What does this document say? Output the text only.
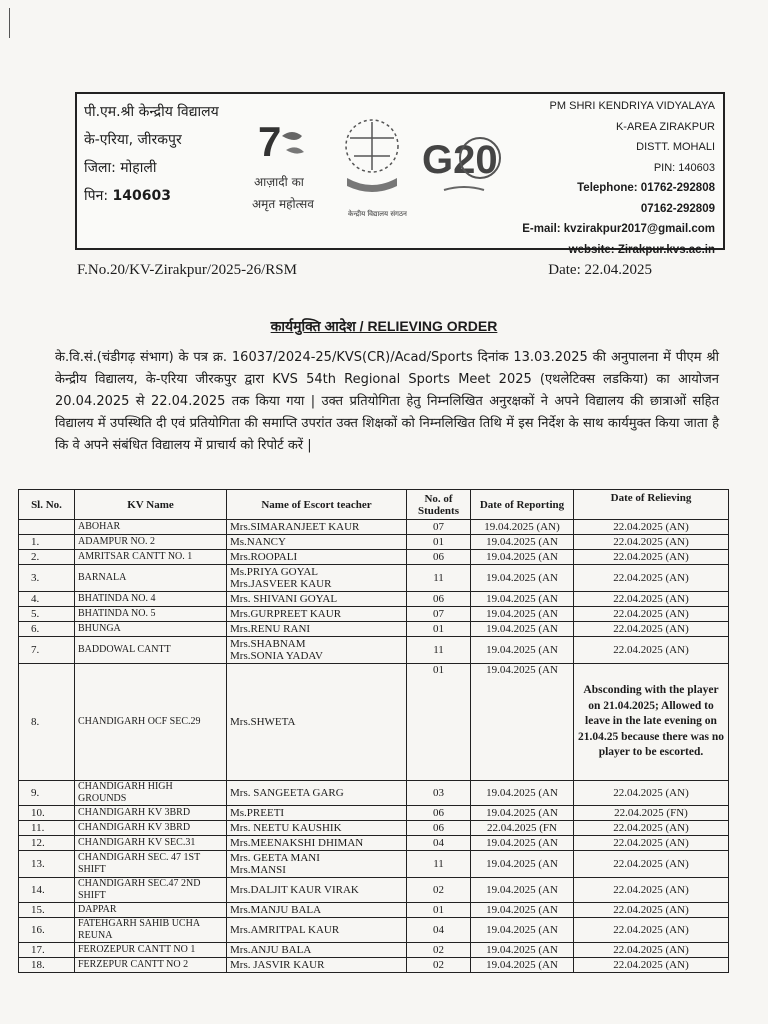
पी.एम.श्री केन्द्रीय विद्यालय
के-एरिया, जीरकपुर
जिला: मोहाली
पिन: 140603
7
आज़ादी का
अमृत महोत्सव
केन्द्रीय विद्यालय संगठन
G20
PM SHRI KENDRIYA VIDYALAYA
K-AREA ZIRAKPUR
DISTT. MOHALI
PIN: 140603
Telephone: 01762-292808
07162-292809
E-mail: kvzirakpur2017@gmail.com
website: Zirakpur.kvs.ac.in
F.No.20/KV-Zirakpur/2025-26/RSM	Date: 22.04.2025
कार्यमुक्ति आदेश / RELIEVING ORDER
के.वि.सं.(चंडीगढ़ संभाग) के पत्र क्र. 16037/2024-25/KVS(CR)/Acad/Sports दिनांक 13.03.2025 की अनुपालना में पीएम श्री केन्द्रीय विद्यालय, के-एरिया जीरकपुर द्वारा KVS 54th Regional Sports Meet 2025 (एथलेटिक्स लडकिया) का आयोजन 20.04.2025 से 22.04.2025 तक किया गया | उक्त प्रतियोगिता हेतु निम्नलिखित अनुरक्षकों ने अपने विद्यालय की छात्राओं सहित विद्यालय में उपस्थिति दी एवं प्रतियोगिता की समाप्ति उपरांत उक्त शिक्षकों को निम्नलिखित तिथि में इस निर्देश के साथ कार्यमुक्त किया जाता है कि वे अपने संबंधित विद्यालय में प्राचार्य को रिपोर्ट करें |
Sl. No.	KV Name	Name of Escort teacher	No. of Students	Date of Reporting	Date of Relieving
	ABOHAR	Mrs.SIMARANJEET KAUR	07	19.04.2025 (AN)	22.04.2025 (AN)
1.	ADAMPUR NO. 2	Ms.NANCY	01	19.04.2025 (AN	22.04.2025 (AN)
2.	AMRITSAR CANTT NO. 1	Mrs.ROOPALI	06	19.04.2025 (AN	22.04.2025 (AN)
3.	BARNALA	Ms.PRIYA GOYAL
Mrs.JASVEER KAUR	11	19.04.2025 (AN	22.04.2025 (AN)
4.	BHATINDA NO. 4	Mrs. SHIVANI GOYAL	06	19.04.2025 (AN	22.04.2025 (AN)
5.	BHATINDA NO. 5	Mrs.GURPREET KAUR	07	19.04.2025 (AN	22.04.2025 (AN)
6.	BHUNGA	Mrs.RENU RANI	01	19.04.2025 (AN	22.04.2025 (AN)
7.	BADDOWAL CANTT	Mrs.SHABNAM
Mrs.SONIA YADAV	11	19.04.2025 (AN	22.04.2025 (AN)
8.	CHANDIGARH OCF SEC.29	Mrs.SHWETA	01	19.04.2025 (AN	Absconding with the player on 21.04.2025; Allowed to leave in the late evening on 21.04.25 because there was no player to be escorted.
9.	CHANDIGARH HIGH GROUNDS	Mrs. SANGEETA GARG	03	19.04.2025 (AN	22.04.2025 (AN)
10.	CHANDIGARH KV 3BRD	Ms.PREETI	06	19.04.2025 (AN	22.04.2025 (FN)
11.	CHANDIGARH KV 3BRD	Mrs. NEETU KAUSHIK	06	22.04.2025 (FN	22.04.2025 (AN)
12.	CHANDIGARH KV SEC.31	Mrs.MEENAKSHI DHIMAN	04	19.04.2025 (AN	22.04.2025 (AN)
13.	CHANDIGARH SEC. 47 1ST SHIFT	Mrs. GEETA MANI
Mrs.MANSI	11	19.04.2025 (AN	22.04.2025 (AN)
14.	CHANDIGARH SEC.47 2ND SHIFT	Mrs.DALJIT KAUR VIRAK	02	19.04.2025 (AN	22.04.2025 (AN)
15.	DAPPAR	Mrs.MANJU BALA	01	19.04.2025 (AN	22.04.2025 (AN)
16.	FATEHGARH SAHIB UCHA REUNA	Mrs.AMRITPAL KAUR	04	19.04.2025 (AN	22.04.2025 (AN)
17.	FEROZEPUR CANTT NO 1	Mrs.ANJU BALA	02	19.04.2025 (AN	22.04.2025 (AN)
18.	FERZEPUR CANTT NO 2	Mrs. JASVIR KAUR	02	19.04.2025 (AN	22.04.2025 (AN)
